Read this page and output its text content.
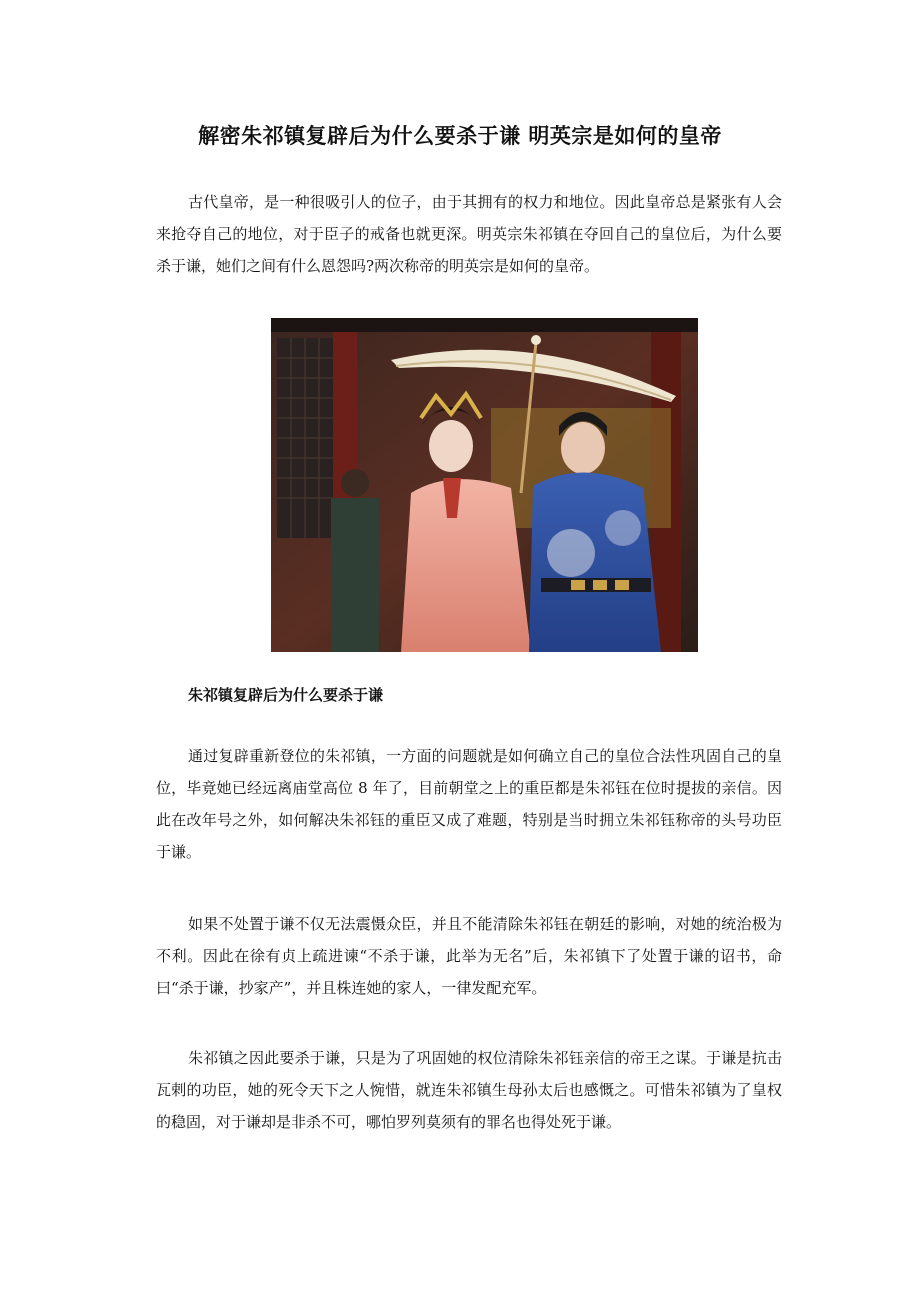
解密朱祁镇复辟后为什么要杀于谦 明英宗是如何的皇帝
古代皇帝，是一种很吸引人的位子，由于其拥有的权力和地位。因此皇帝总是紧张有人会来抢夺自己的地位，对于臣子的戒备也就更深。明英宗朱祁镇在夺回自己的皇位后，为什么要杀于谦，她们之间有什么恩怨吗?两次称帝的明英宗是如何的皇帝。
朱祁镇复辟后为什么要杀于谦
通过复辟重新登位的朱祁镇，一方面的问题就是如何确立自己的皇位合法性巩固自己的皇位，毕竟她已经远离庙堂高位 8 年了，目前朝堂之上的重臣都是朱祁钰在位时提拔的亲信。因此在改年号之外，如何解决朱祁钰的重臣又成了难题，特别是当时拥立朱祁钰称帝的头号功臣于谦。
如果不处置于谦不仅无法震慑众臣，并且不能清除朱祁钰在朝廷的影响，对她的统治极为不利。因此在徐有贞上疏进谏“不杀于谦，此举为无名”后，朱祁镇下了处置于谦的诏书，命曰“杀于谦，抄家产”，并且株连她的家人，一律发配充军。
朱祁镇之因此要杀于谦，只是为了巩固她的权位清除朱祁钰亲信的帝王之谋。于谦是抗击瓦剌的功臣，她的死令天下之人惋惜，就连朱祁镇生母孙太后也感慨之。可惜朱祁镇为了皇权的稳固，对于谦却是非杀不可，哪怕罗列莫须有的罪名也得处死于谦。
